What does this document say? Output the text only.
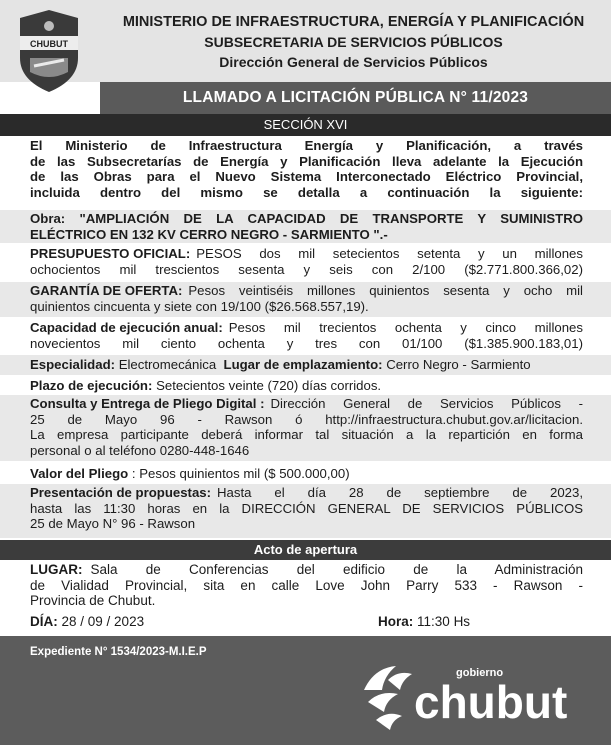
CHUBUT
MINISTERIO DE INFRAESTRUCTURA, ENERGÍA Y PLANIFICACIÓN
SUBSECRETARIA DE SERVICIOS PÚBLICOS
Dirección General de Servicios Públicos
LLAMADO A LICITACIÓN PÚBLICA N° 11/2023
SECCIÓN XVI
El Ministerio de Infraestructura Energía y Planificación, a través
de las Subsecretarías de Energía y Planificación lleva adelante la Ejecución
de las Obras para el Nuevo Sistema Interconectado Eléctrico Provincial,
incluida dentro del mismo se detalla a continuación la siguiente:
Obra: "AMPLIACIÓN DE LA CAPACIDAD DE TRANSPORTE Y SUMINISTRO
ELÉCTRICO EN 132 KV CERRO NEGRO - SARMIENTO ".-
PRESUPUESTO OFICIAL: PESOS dos mil setecientos setenta y un millones
ochocientos mil trescientos sesenta y seis con 2/100 ($2.771.800.366,02)
GARANTÍA DE OFERTA: Pesos veintiséis millones quinientos sesenta y ocho mil
quinientos cincuenta y siete con 19/100 ($26.568.557,19).
Capacidad de ejecución anual: Pesos mil trecientos ochenta y cinco millones
novecientos mil ciento ochenta y tres con 01/100 ($1.385.900.183,01)
Especialidad: Electromecánica Lugar de emplazamiento: Cerro Negro - Sarmiento
Plazo de ejecución: Setecientos veinte (720) días corridos.
Consulta y Entrega de Pliego Digital : Dirección General de Servicios Públicos -
25 de Mayo 96 - Rawson ó http://infraestructura.chubut.gov.ar/licitacion.
La empresa participante deberá informar tal situación a la repartición en forma
personal o al teléfono 0280-448-1646
Valor del Pliego : Pesos quinientos mil ($ 500.000,00)
Presentación de propuestas: Hasta el día 28 de septiembre de 2023,
hasta las 11:30 horas en la DIRECCIÓN GENERAL DE SERVICIOS PÚBLICOS
25 de Mayo N° 96 - Rawson
Acto de apertura
LUGAR: Sala de Conferencias del edificio de la Administración
de Vialidad Provincial, sita en calle Love John Parry 533 - Rawson -
Provincia de Chubut.
DÍA: 28 / 09 / 2023	Hora: 11:30 Hs
Expediente N° 1534/2023-M.I.E.P
gobierno
chubut
